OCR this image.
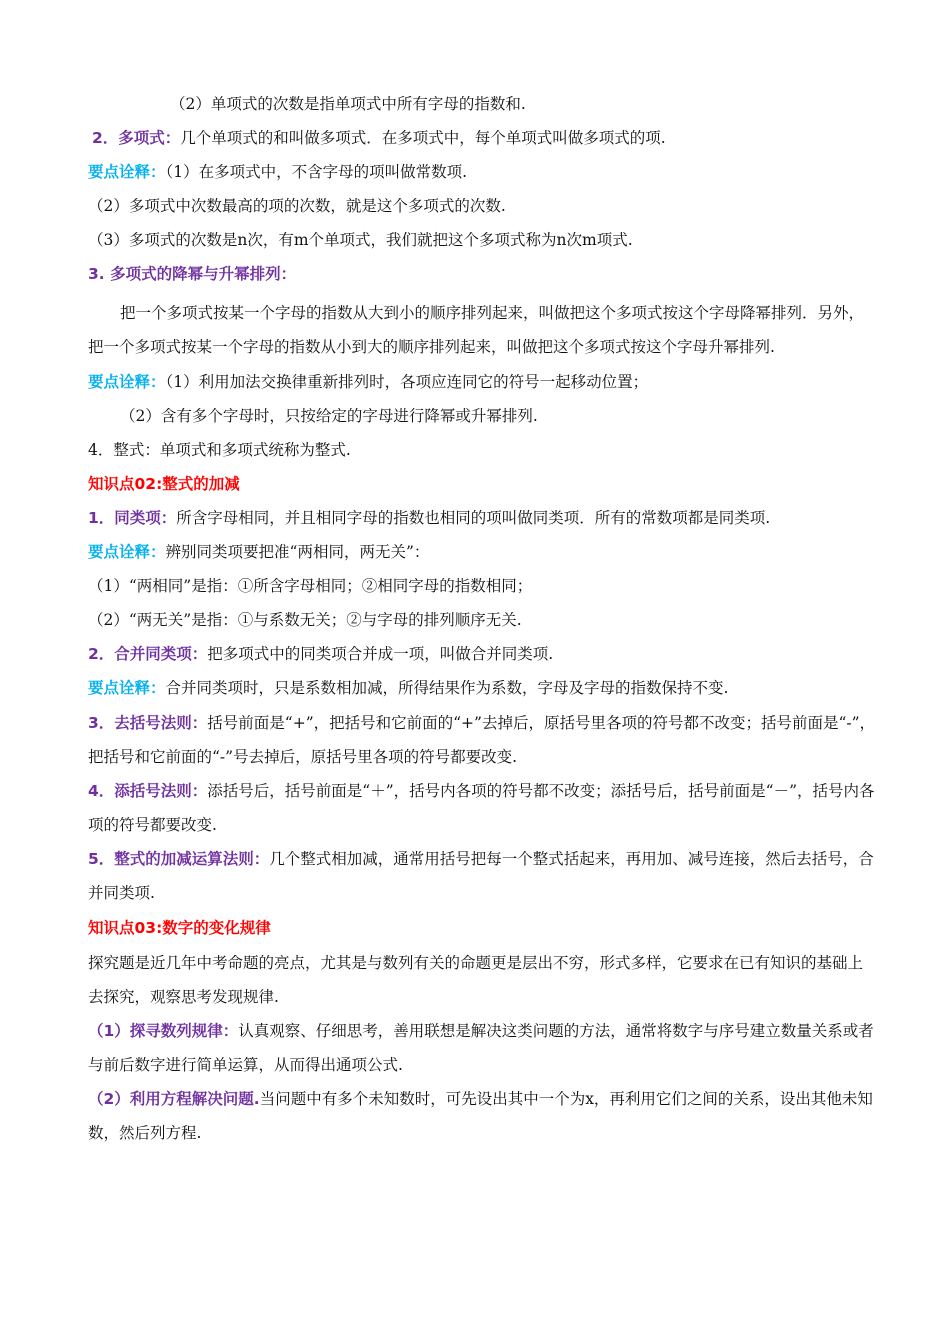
（2）单项式的次数是指单项式中所有字母的指数和.

2．多项式：几个单项式的和叫做多项式．在多项式中，每个单项式叫做多项式的项.

要点诠释：（1）在多项式中，不含字母的项叫做常数项.

（2）多项式中次数最高的项的次数，就是这个多项式的次数.

（3）多项式的次数是n次，有m个单项式，我们就把这个多项式称为n次m项式.

3. 多项式的降幂与升幂排列：

把一个多项式按某一个字母的指数从大到小的顺序排列起来，叫做把这个多项式按这个字母降幂排列．另外，把一个多项式按某一个字母的指数从小到大的顺序排列起来，叫做把这个多项式按这个字母升幂排列.

要点诠释：（1）利用加法交换律重新排列时，各项应连同它的符号一起移动位置；

（2）含有多个字母时，只按给定的字母进行降幂或升幂排列.

4．整式：单项式和多项式统称为整式.

知识点02:整式的加减

1．同类项：所含字母相同，并且相同字母的指数也相同的项叫做同类项．所有的常数项都是同类项.

要点诠释：辨别同类项要把准“两相同，两无关”：

（1）“两相同”是指：①所含字母相同；②相同字母的指数相同；

（2）“两无关”是指：①与系数无关；②与字母的排列顺序无关.

2．合并同类项：把多项式中的同类项合并成一项，叫做合并同类项.

要点诠释：合并同类项时，只是系数相加减，所得结果作为系数，字母及字母的指数保持不变.

3．去括号法则：括号前面是“+”，把括号和它前面的“+”去掉后，原括号里各项的符号都不改变；括号前面是“-”，把括号和它前面的“-”号去掉后，原括号里各项的符号都要改变.

4．添括号法则：添括号后，括号前面是“＋”，括号内各项的符号都不改变；添括号后，括号前面是“－”，括号内各项的符号都要改变.

5．整式的加减运算法则：几个整式相加减，通常用括号把每一个整式括起来，再用加、减号连接，然后去括号，合并同类项.

知识点03:数字的变化规律

探究题是近几年中考命题的亮点，尤其是与数列有关的命题更是层出不穷，形式多样，它要求在已有知识的基础上去探究，观察思考发现规律.

（1）探寻数列规律：认真观察、仔细思考，善用联想是解决这类问题的方法，通常将数字与序号建立数量关系或者与前后数字进行简单运算，从而得出通项公式.

（2）利用方程解决问题.当问题中有多个未知数时，可先设出其中一个为x，再利用它们之间的关系，设出其他未知数，然后列方程.
